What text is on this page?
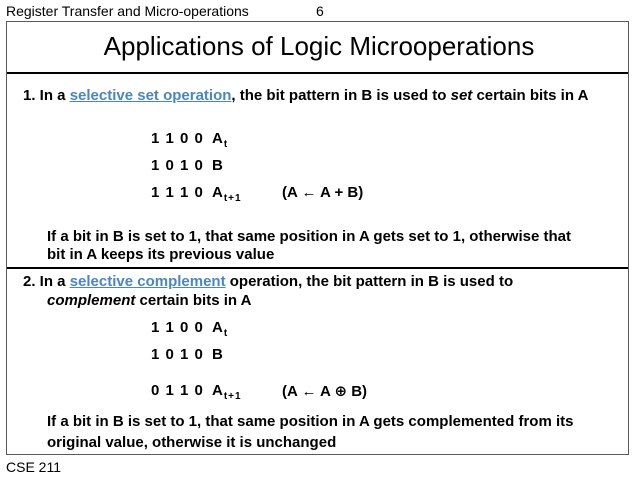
Register Transfer and Micro-operations	6
Applications of Logic Microoperations
1. In a selective set operation, the bit pattern in B is used to set certain bits in A
1 1 0 0 $A_t$
1 0 1 0 B
1 1 1 0 $A_{t+1}$	(A ← A + B)
If a bit in B is set to 1, that same position in A gets set to 1, otherwise that
bit in A keeps its previous value
2. In a selective complement operation, the bit pattern in B is used to
complement certain bits in A
1 1 0 0 $A_t$
1 0 1 0 B
0 1 1 0 $A_{t+1}$	(A ← A ⊕ B)
If a bit in B is set to 1, that same position in A gets complemented from its
original value, otherwise it is unchanged
CSE 211
